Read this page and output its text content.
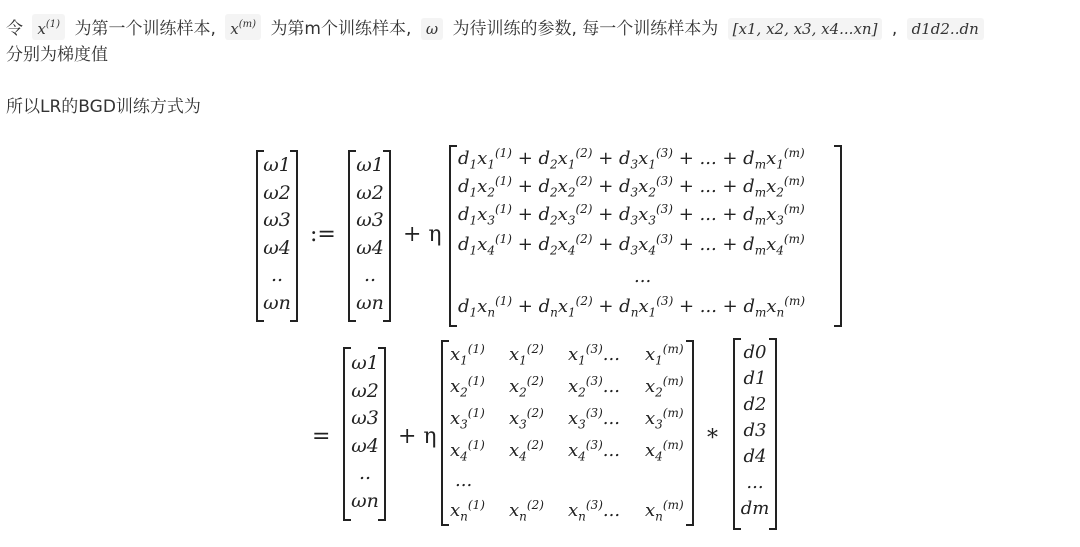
令 $x^{(1)}$ 为第一个训练样本, $x^{(m)}$ 为第m个训练样本, ω 为待训练的参数, 每一个训练样本为 [x1, x2, x3, x4...xn] , d1d2..dn
分别为梯度值
所以LR的BGD训练方式为
ω1
ω2
ω3
ω4
..
ωn
:=
ω1
ω2
ω3
ω4
..
ωn
+ η
$d_1x_1^{(1)} + d_2x_1^{(2)} + d_3x_1^{(3)}$ + ... + $d_mx_1^{(m)}$
$d_1x_2^{(1)} + d_2x_2^{(2)} + d_3x_2^{(3)}$ + ... + $d_mx_2^{(m)}$
$d_1x_3^{(1)} + d_2x_3^{(2)} + d_3x_3^{(3)}$ + ... + $d_mx_3^{(m)}$
$d_1x_4^{(1)} + d_2x_4^{(2)} + d_3x_4^{(3)}$ + ... + $d_mx_4^{(m)}$
...
$d_1x_n^{(1)} + d_nx_1^{(2)} + d_nx_1^{(3)}$ + ... + $d_mx_n^{(m)}$
=
ω1
ω2
ω3
ω4
..
ωn
+ η
$x_1^{(1)}$ $x_1^{(2)}$ $x_1^{(3)}$... $x_1^{(m)}$
$x_2^{(1)}$ $x_2^{(2)}$ $x_2^{(3)}$... $x_2^{(m)}$
$x_3^{(1)}$ $x_3^{(2)}$ $x_3^{(3)}$... $x_3^{(m)}$
$x_4^{(1)}$ $x_4^{(2)}$ $x_4^{(3)}$... $x_4^{(m)}$
...
$x_n^{(1)}$ $x_n^{(2)}$ $x_n^{(3)}$... $x_n^{(m)}$
*
d0
d1
d2
d3
d4
...
dm
